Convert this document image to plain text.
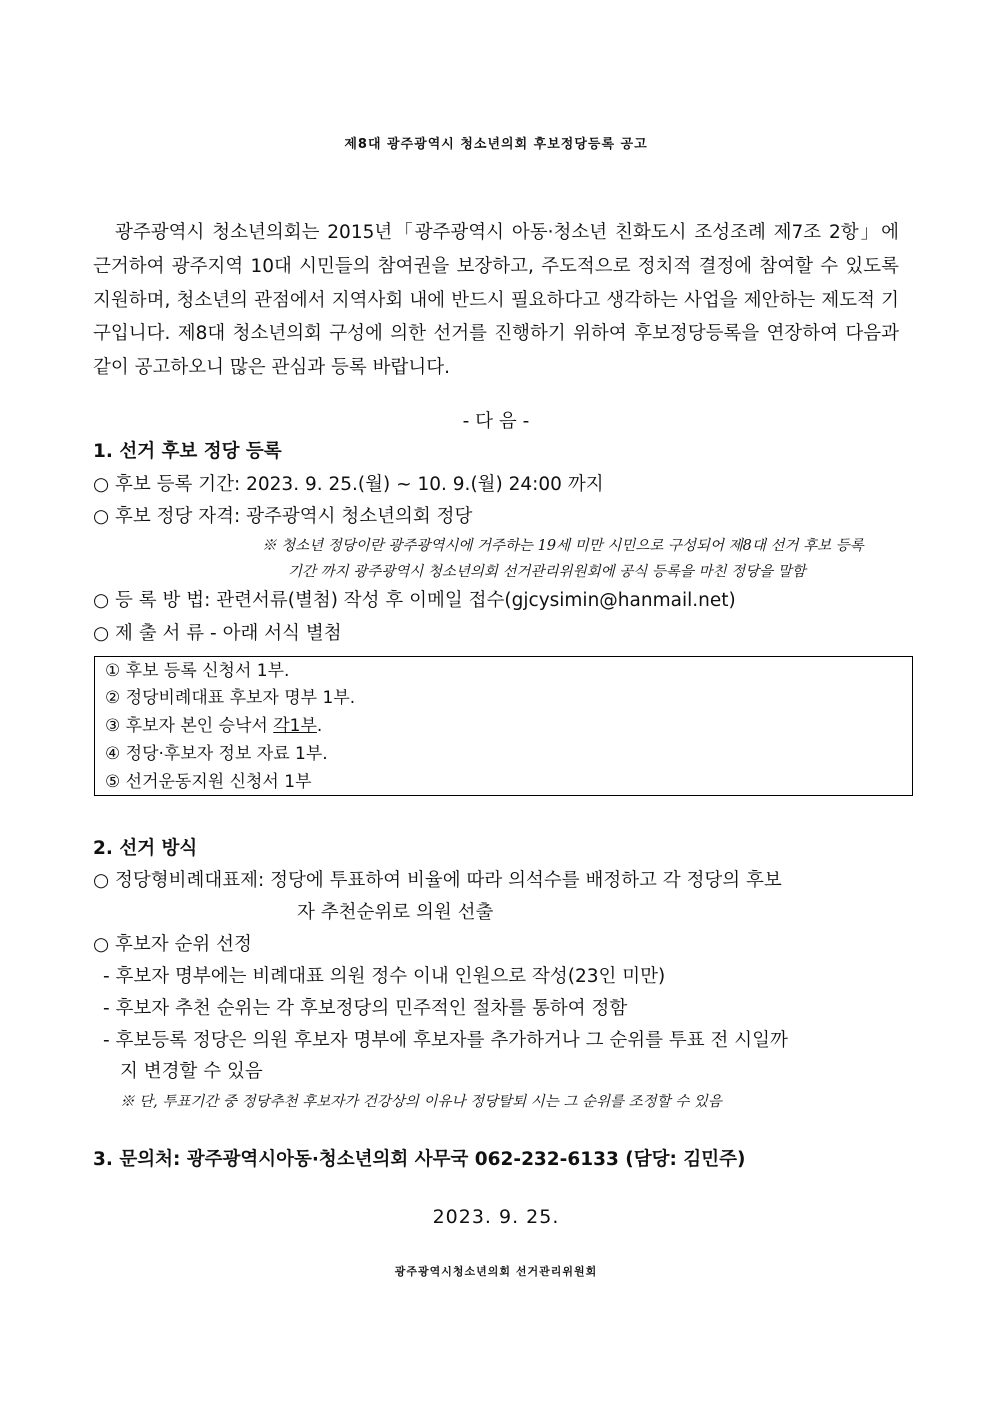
제8대 광주광역시 청소년의회 후보정당등록 공고
광주광역시 청소년의회는 2015년「광주광역시 아동·청소년 친화도시 조성조례 제7조 2항」에 근거하여 광주지역 10대 시민들의 참여권을 보장하고, 주도적으로 정치적 결정에 참여할 수 있도록 지원하며, 청소년의 관점에서 지역사회 내에 반드시 필요하다고 생각하는 사업을 제안하는 제도적 기구입니다. 제8대 청소년의회 구성에 의한 선거를 진행하기 위하여 후보정당등록을 연장하여 다음과 같이 공고하오니 많은 관심과 등록 바랍니다.
- 다 음 -
1. 선거 후보 정당 등록
○ 후보 등록 기간: 2023. 9. 25.(월) ~ 10. 9.(월) 24:00 까지
○ 후보 정당 자격: 광주광역시 청소년의회 정당
※ 청소년 정당이란 광주광역시에 거주하는 19세 미만 시민으로 구성되어 제8대 선거 후보 등록
기간 까지 광주광역시 청소년의회 선거관리위원회에 공식 등록을 마친 정당을 말함
○ 등 록 방 법: 관련서류(별첨) 작성 후 이메일 접수(gjcysimin@hanmail.net)
○ 제 출 서 류 - 아래 서식 별첨
① 후보 등록 신청서 1부.
② 정당비례대표 후보자 명부 1부.
③ 후보자 본인 승낙서 각1부.
④ 정당·후보자 정보 자료 1부.
⑤ 선거운동지원 신청서 1부
2. 선거 방식
○ 정당형비례대표제: 정당에 투표하여 비율에 따라 의석수를 배정하고 각 정당의 후보
자 추천순위로 의원 선출
○ 후보자 순위 선정
- 후보자 명부에는 비례대표 의원 정수 이내 인원으로 작성(23인 미만)
- 후보자 추천 순위는 각 후보정당의 민주적인 절차를 통하여 정함
- 후보등록 정당은 의원 후보자 명부에 후보자를 추가하거나 그 순위를 투표 전 시일까
지 변경할 수 있음
※ 단, 투표기간 중 정당추천 후보자가 건강상의 이유나 정당탈퇴 시는 그 순위를 조정할 수 있음
3. 문의처: 광주광역시아동·청소년의회 사무국 062-232-6133 (담당: 김민주)
2023. 9. 25.
광주광역시청소년의회 선거관리위원회
